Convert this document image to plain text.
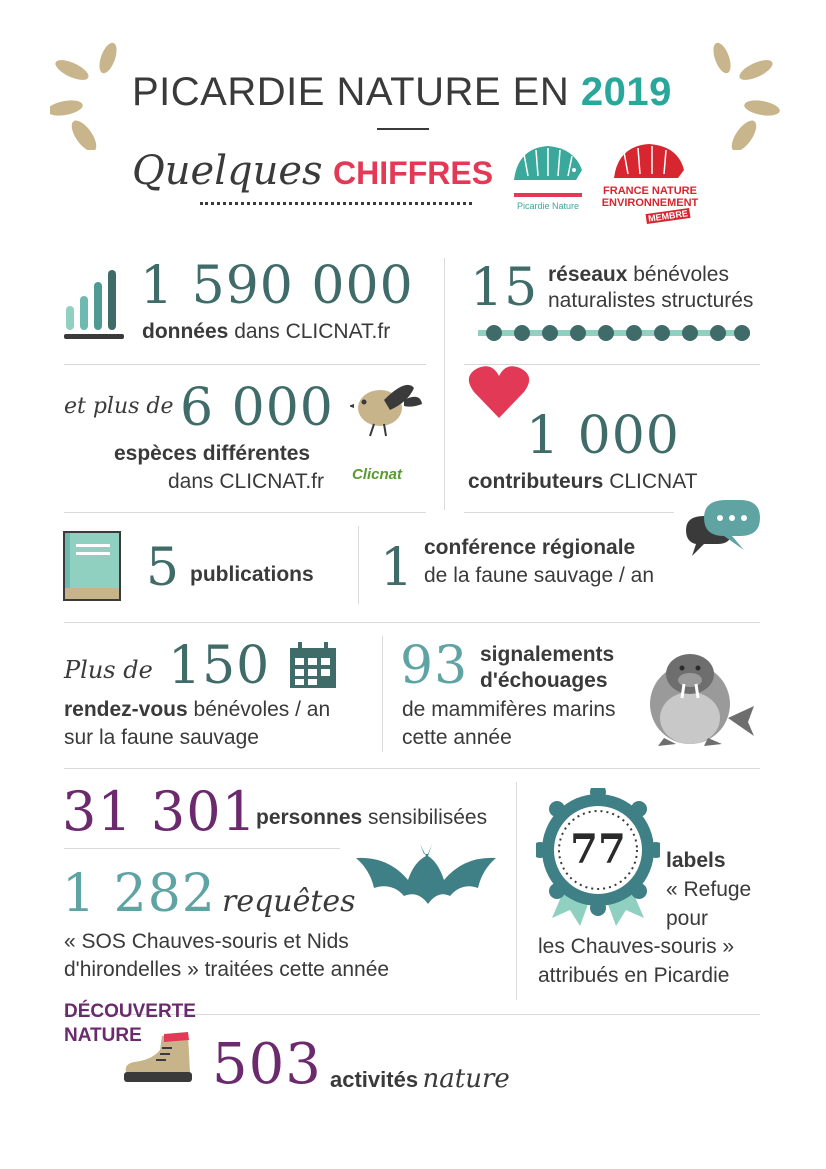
PICARDIE NATURE EN 2019
Quelques CHIFFRES
Picardie Nature
FRANCE NATURE
ENVIRONNEMENT
MEMBRE
1 590 000
données dans CLICNAT.fr
15 réseaux bénévoles
naturalistes structurés
et plus de 6 000
espèces différentes
dans CLICNAT.fr Clicnat
1 000
contributeurs CLICNAT
5 publications 1 conférence régionale
de la faune sauvage / an
Plus de 150
rendez-vous bénévoles / an
sur la faune sauvage
93 signalements
d'échouages
de mammifères marins
cette année
31 301 personnes sensibilisées
1 282 requêtes
« SOS Chauves-souris et Nids
d'hirondelles » traitées cette année
77 labels
« Refuge
pour
les Chauves-souris »
attribués en Picardie
DÉCOUVERTE
NATURE	503 activités nature
